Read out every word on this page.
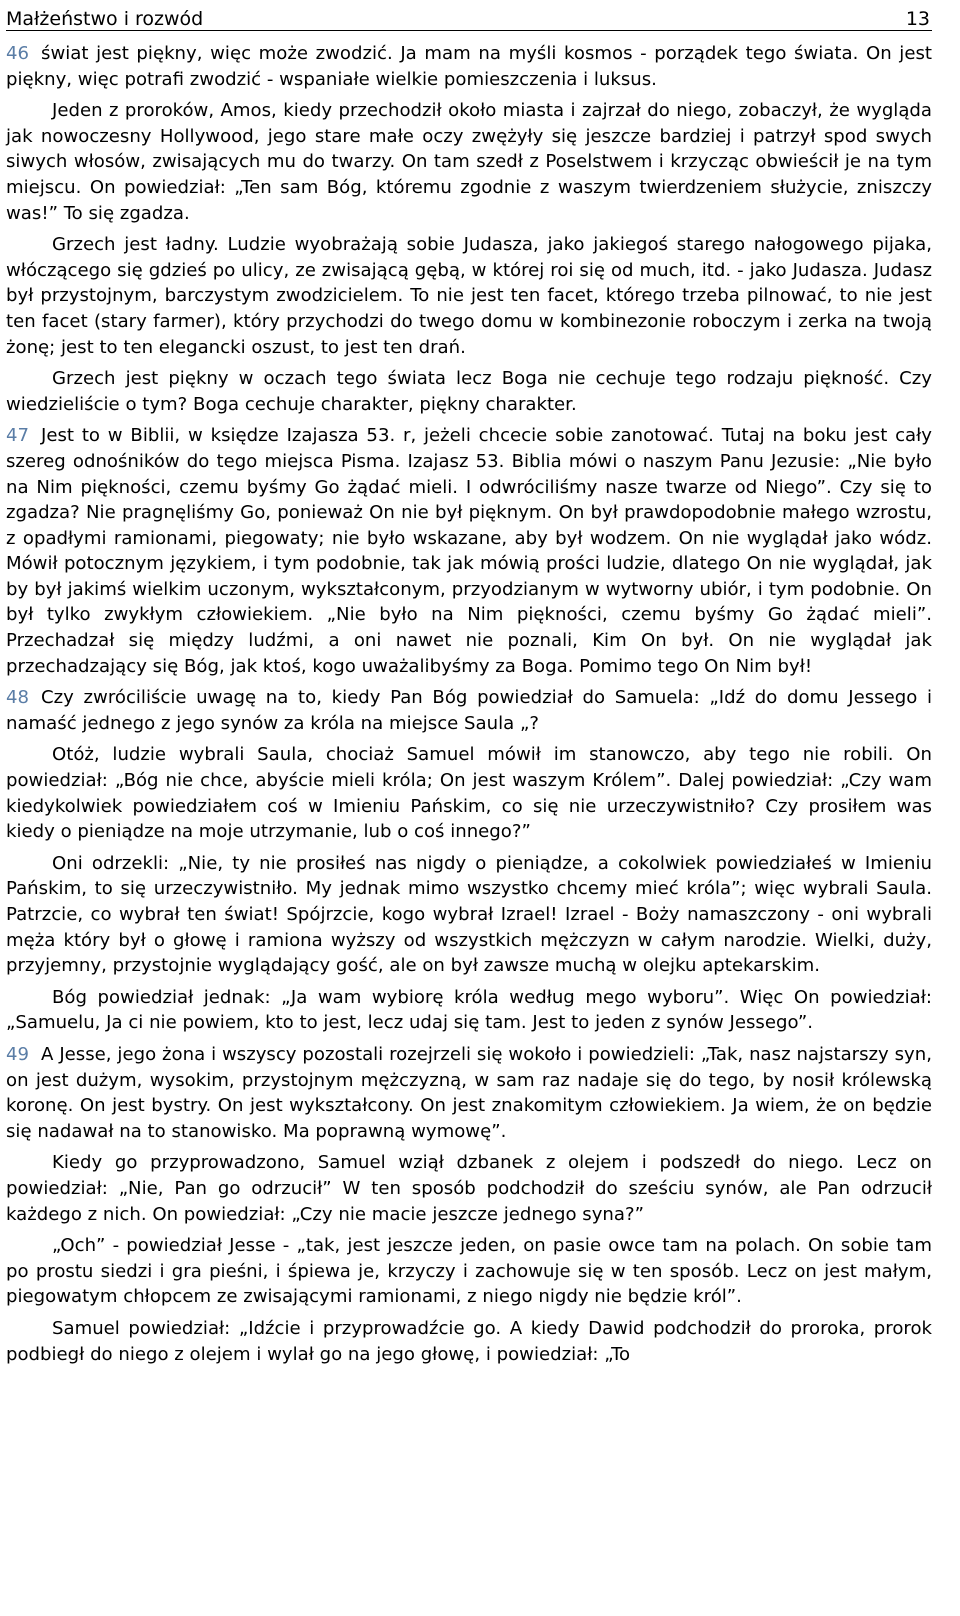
Małżeństwo i rozwód	13

46 świat jest piękny, więc może zwodzić. Ja mam na myśli kosmos - porządek tego świata. On jest piękny, więc potrafi zwodzić - wspaniałe wielkie pomieszczenia i luksus.

Jeden z proroków, Amos, kiedy przechodził około miasta i zajrzał do niego, zobaczył, że wygląda jak nowoczesny Hollywood, jego stare małe oczy zwężyły się jeszcze bardziej i patrzył spod swych siwych włosów, zwisających mu do twarzy. On tam szedł z Poselstwem i krzycząc obwieścił je na tym miejscu. On powiedział: „Ten sam Bóg, któremu zgodnie z waszym twierdzeniem służycie, zniszczy was!” To się zgadza.

Grzech jest ładny. Ludzie wyobrażają sobie Judasza, jako jakiegoś starego nałogowego pijaka, włóczącego się gdzieś po ulicy, ze zwisającą gębą, w której roi się od much, itd. - jako Judasza. Judasz był przystojnym, barczystym zwodzicielem. To nie jest ten facet, którego trzeba pilnować, to nie jest ten facet (stary farmer), który przychodzi do twego domu w kombinezonie roboczym i zerka na twoją żonę; jest to ten elegancki oszust, to jest ten drań.

Grzech jest piękny w oczach tego świata lecz Boga nie cechuje tego rodzaju piękność. Czy wiedzieliście o tym? Boga cechuje charakter, piękny charakter.

47 Jest to w Biblii, w księdze Izajasza 53. r, jeżeli chcecie sobie zanotować. Tutaj na boku jest cały szereg odnośników do tego miejsca Pisma. Izajasz 53. Biblia mówi o naszym Panu Jezusie: „Nie było na Nim piękności, czemu byśmy Go żądać mieli. I odwróciliśmy nasze twarze od Niego”. Czy się to zgadza? Nie pragnęliśmy Go, ponieważ On nie był pięknym. On był prawdopodobnie małego wzrostu, z opadłymi ramionami, piegowaty; nie było wskazane, aby był wodzem. On nie wyglądał jako wódz. Mówił potocznym językiem, i tym podobnie, tak jak mówią prości ludzie, dlatego On nie wyglądał, jak by był jakimś wielkim uczonym, wykształconym, przyodzianym w wytworny ubiór, i tym podobnie. On był tylko zwykłym człowiekiem. „Nie było na Nim piękności, czemu byśmy Go żądać mieli”. Przechadzał się między ludźmi, a oni nawet nie poznali, Kim On był. On nie wyglądał jak przechadzający się Bóg, jak ktoś, kogo uważalibyśmy za Boga. Pomimo tego On Nim był!

48 Czy zwróciliście uwagę na to, kiedy Pan Bóg powiedział do Samuela: „Idź do domu Jessego i namaść jednego z jego synów za króla na miejsce Saula „?

Otóż, ludzie wybrali Saula, chociaż Samuel mówił im stanowczo, aby tego nie robili. On powiedział: „Bóg nie chce, abyście mieli króla; On jest waszym Królem”. Dalej powiedział: „Czy wam kiedykolwiek powiedziałem coś w Imieniu Pańskim, co się nie urzeczywistniło? Czy prosiłem was kiedy o pieniądze na moje utrzymanie, lub o coś innego?”

Oni odrzekli: „Nie, ty nie prosiłeś nas nigdy o pieniądze, a cokolwiek powiedziałeś w Imieniu Pańskim, to się urzeczywistniło. My jednak mimo wszystko chcemy mieć króla”; więc wybrali Saula. Patrzcie, co wybrał ten świat! Spójrzcie, kogo wybrał Izrael! Izrael - Boży namaszczony - oni wybrali męża który był o głowę i ramiona wyższy od wszystkich mężczyzn w całym narodzie. Wielki, duży, przyjemny, przystojnie wyglądający gość, ale on był zawsze muchą w olejku aptekarskim.

Bóg powiedział jednak: „Ja wam wybiorę króla według mego wyboru”. Więc On powiedział: „Samuelu, Ja ci nie powiem, kto to jest, lecz udaj się tam. Jest to jeden z synów Jessego”.

49 A Jesse, jego żona i wszyscy pozostali rozejrzeli się wokoło i powiedzieli: „Tak, nasz najstarszy syn, on jest dużym, wysokim, przystojnym mężczyzną, w sam raz nadaje się do tego, by nosił królewską koronę. On jest bystry. On jest wykształcony. On jest znakomitym człowiekiem. Ja wiem, że on będzie się nadawał na to stanowisko. Ma poprawną wymowę”.

Kiedy go przyprowadzono, Samuel wziął dzbanek z olejem i podszedł do niego. Lecz on powiedział: „Nie, Pan go odrzucił” W ten sposób podchodził do sześciu synów, ale Pan odrzucił każdego z nich. On powiedział: „Czy nie macie jeszcze jednego syna?”

„Och” - powiedział Jesse - „tak, jest jeszcze jeden, on pasie owce tam na polach. On sobie tam po prostu siedzi i gra pieśni, i śpiewa je, krzyczy i zachowuje się w ten sposób. Lecz on jest małym, piegowatym chłopcem ze zwisającymi ramionami, z niego nigdy nie będzie król”.

Samuel powiedział: „Idźcie i przyprowadźcie go. A kiedy Dawid podchodził do proroka, prorok podbiegł do niego z olejem i wylał go na jego głowę, i powiedział: „To
